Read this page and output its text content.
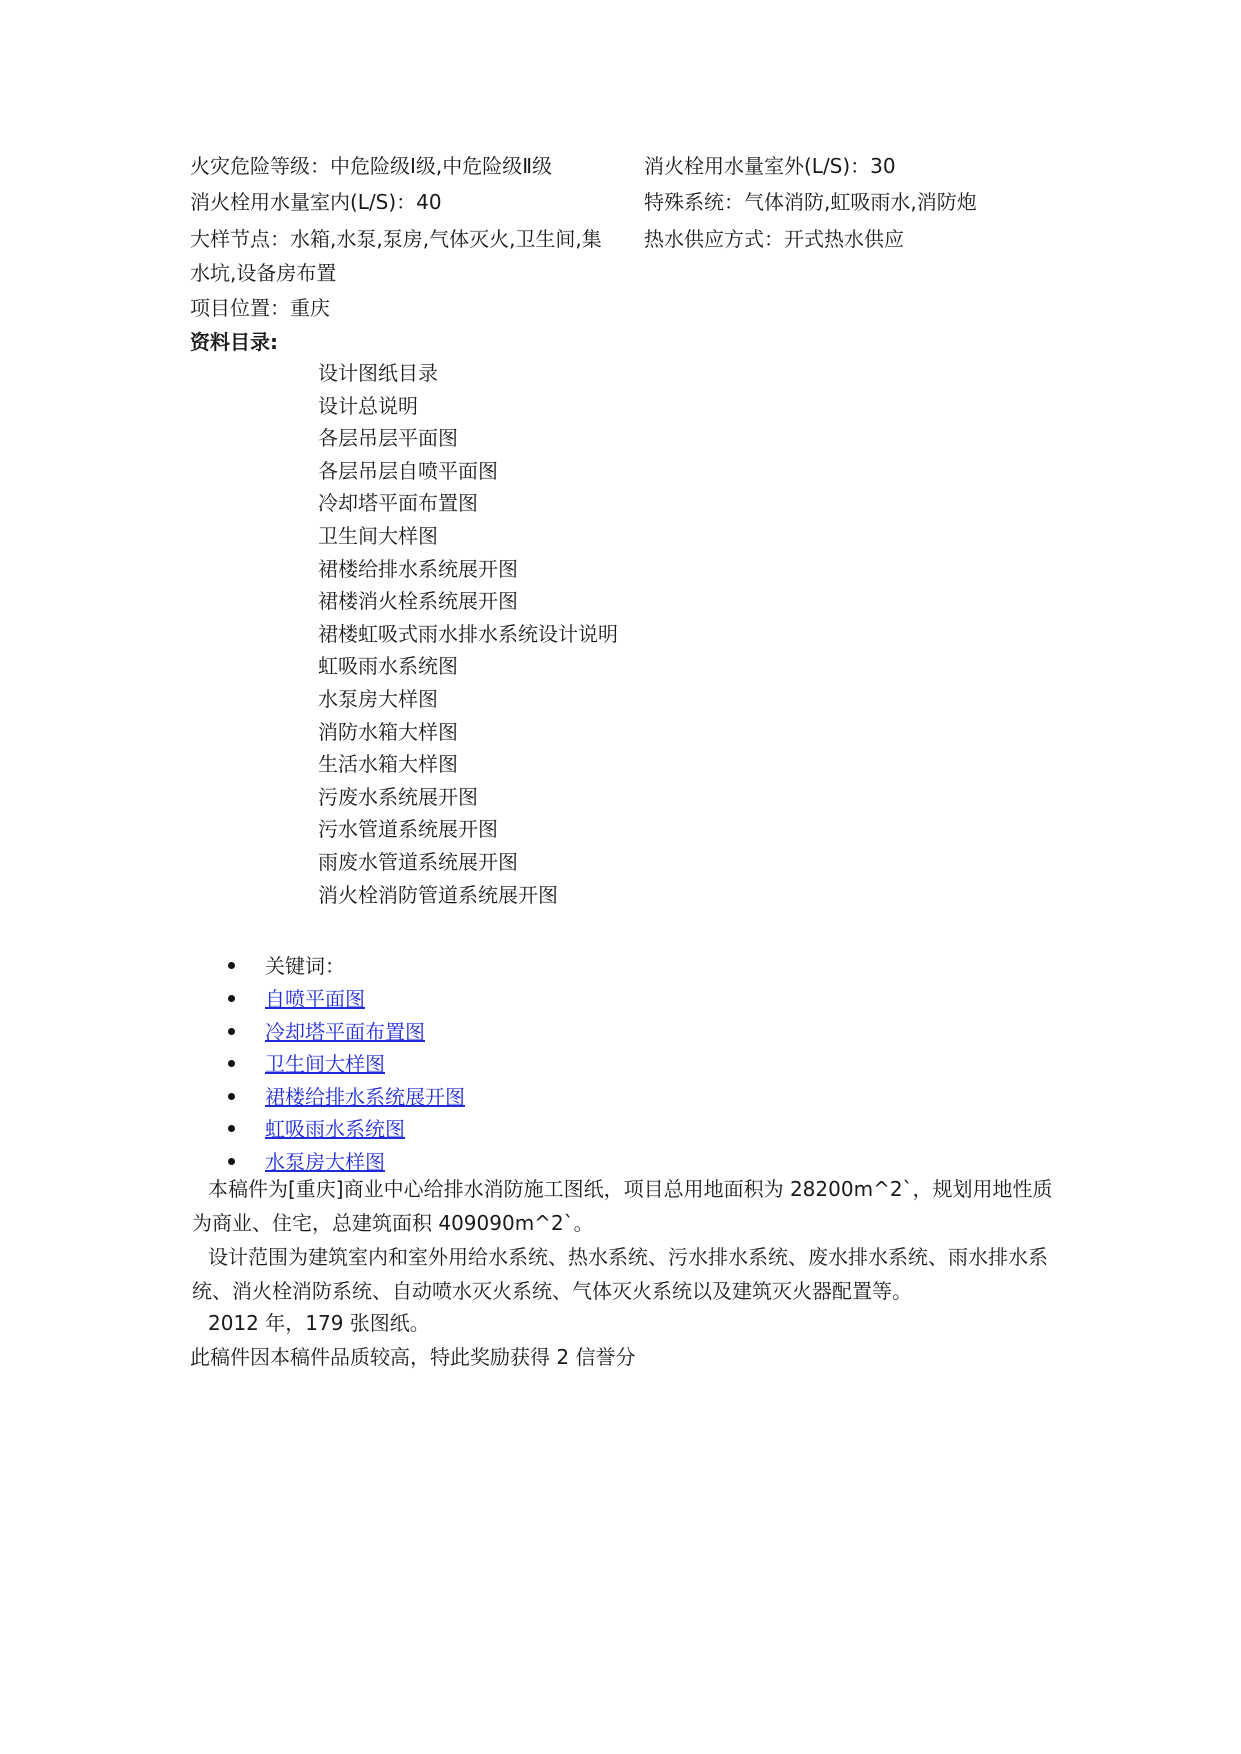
火灾危险等级：中危险级Ⅰ级,中危险级Ⅱ级	消火栓用水量室外(L/S)：30
消火栓用水量室内(L/S)：40	特殊系统：气体消防,虹吸雨水,消防炮
大样节点：水箱,水泵,泵房,气体灭火,卫生间,集 热水供应方式：开式热水供应
水坑,设备房布置
项目位置：重庆
资料目录:
设计图纸目录
设计总说明
各层吊层平面图
各层吊层自喷平面图
冷却塔平面布置图
卫生间大样图
裙楼给排水系统展开图
裙楼消火栓系统展开图
裙楼虹吸式雨水排水系统设计说明
虹吸雨水系统图
水泵房大样图
消防水箱大样图
生活水箱大样图
污废水系统展开图
污水管道系统展开图
雨废水管道系统展开图
消火栓消防管道系统展开图
关键词：
自喷平面图
冷却塔平面布置图
卫生间大样图
裙楼给排水系统展开图
虹吸雨水系统图
水泵房大样图
本稿件为[重庆]商业中心给排水消防施工图纸，项目总用地面积为 28200m^2`，规划用地性质为商业、住宅，总建筑面积 409090m^2`。
设计范围为建筑室内和室外用给水系统、热水系统、污水排水系统、废水排水系统、雨水排水系统、消火栓消防系统、自动喷水灭火系统、气体灭火系统以及建筑灭火器配置等。
2012 年，179 张图纸。
此稿件因本稿件品质较高，特此奖励获得 2 信誉分
